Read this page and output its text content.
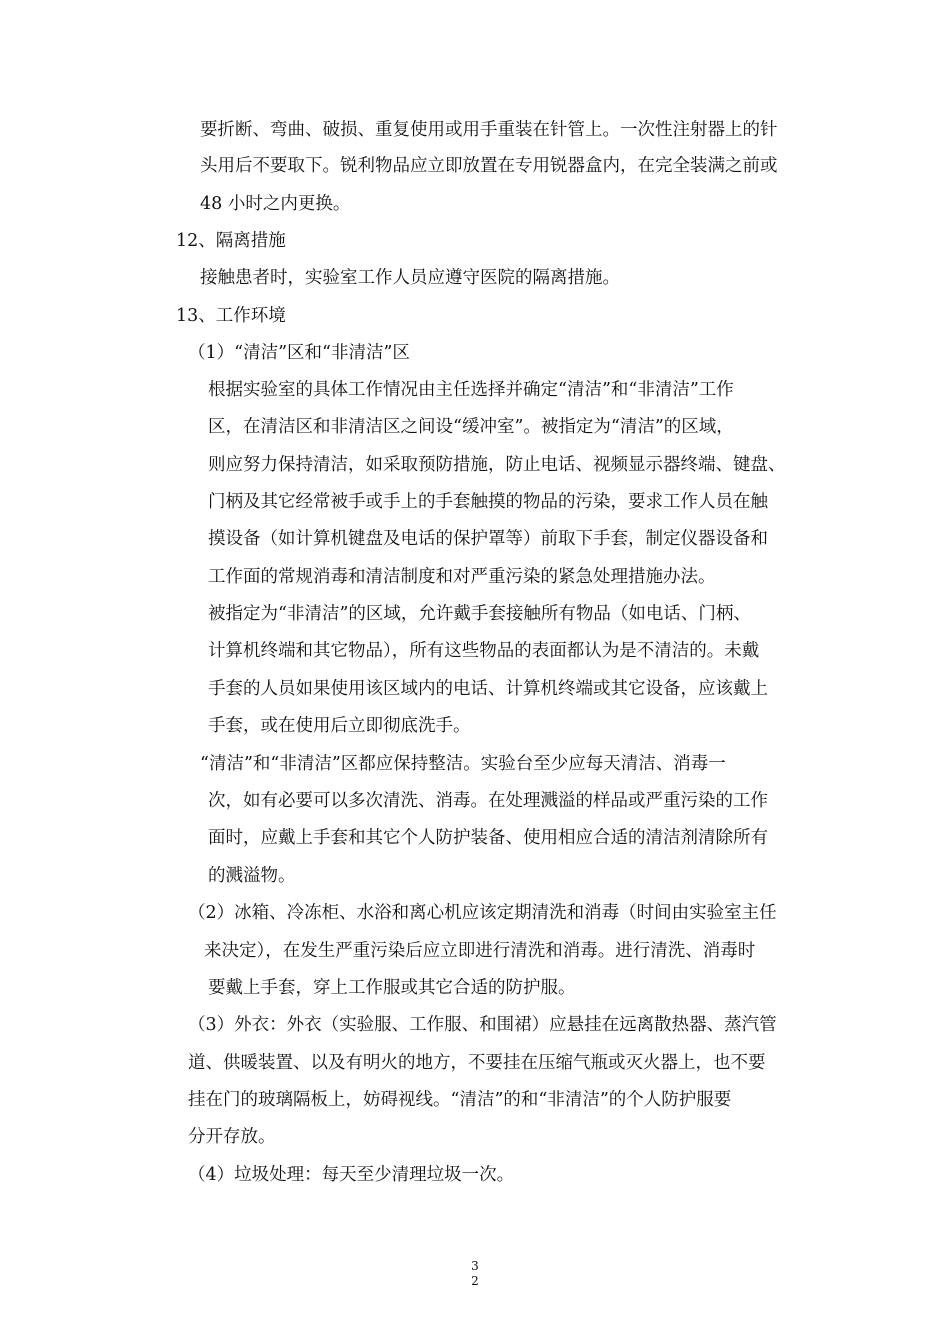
要折断、弯曲、破损、重复使用或用手重装在针管上。一次性注射器上的针
头用后不要取下。锐利物品应立即放置在专用锐器盒内，在完全装满之前或
48 小时之内更换。
12、隔离措施
接触患者时，实验室工作人员应遵守医院的隔离措施。
13、工作环境
（1）“清洁”区和“非清洁”区
根据实验室的具体工作情况由主任选择并确定“清洁”和“非清洁”工作
区，在清洁区和非清洁区之间设“缓冲室”。被指定为“清洁”的区域，
则应努力保持清洁，如采取预防措施，防止电话、视频显示器终端、键盘、
门柄及其它经常被手或手上的手套触摸的物品的污染，要求工作人员在触
摸设备（如计算机键盘及电话的保护罩等）前取下手套，制定仪器设备和
工作面的常规消毒和清洁制度和对严重污染的紧急处理措施办法。
被指定为“非清洁”的区域，允许戴手套接触所有物品（如电话、门柄、
计算机终端和其它物品），所有这些物品的表面都认为是不清洁的。未戴
手套的人员如果使用该区域内的电话、计算机终端或其它设备，应该戴上
手套，或在使用后立即彻底洗手。
“清洁”和“非清洁”区都应保持整洁。实验台至少应每天清洁、消毒一
次，如有必要可以多次清洗、消毒。在处理溅溢的样品或严重污染的工作
面时，应戴上手套和其它个人防护装备、使用相应合适的清洁剂清除所有
的溅溢物。
（2）冰箱、冷冻柜、水浴和离心机应该定期清洗和消毒（时间由实验室主任
来决定），在发生严重污染后应立即进行清洗和消毒。进行清洗、消毒时
要戴上手套，穿上工作服或其它合适的防护服。
（3）外衣：外衣（实验服、工作服、和围裙）应悬挂在远离散热器、蒸汽管
道、供暖装置、以及有明火的地方，不要挂在压缩气瓶或灭火器上，也不要
挂在门的玻璃隔板上，妨碍视线。“清洁”的和“非清洁”的个人防护服要
分开存放。
（4）垃圾处理：每天至少清理垃圾一次。
3
2
